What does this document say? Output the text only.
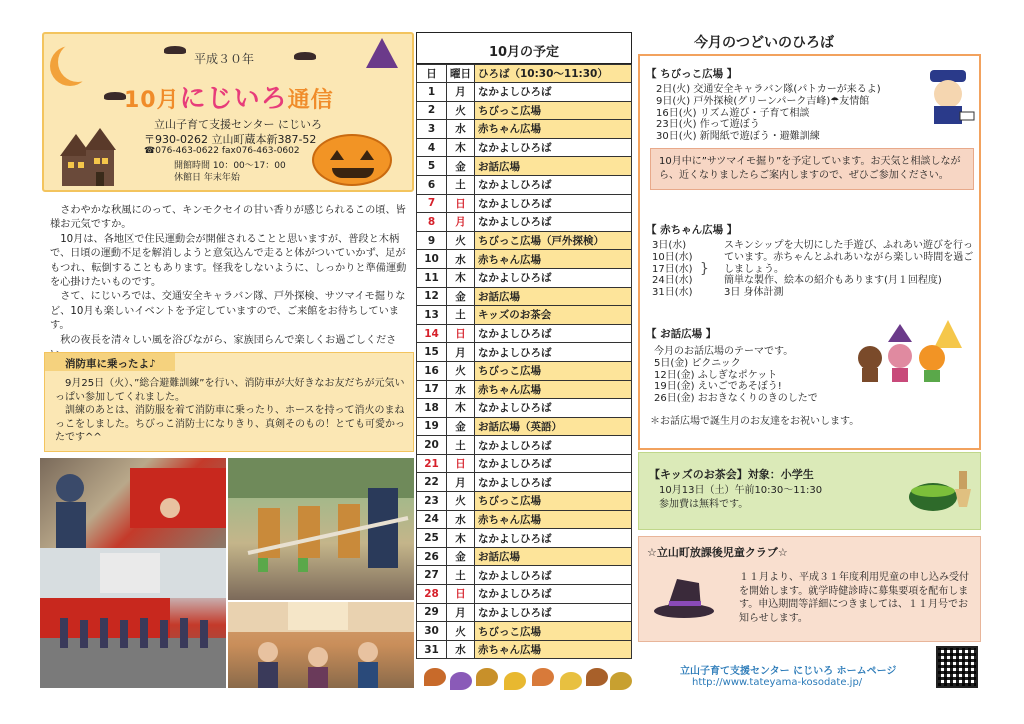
平成３０年
10月にじいろ通信
立山子育て支援センター にじいろ
〒930-0262 立山町蔵本新387-52
☎076-463-0622 fax076-463-0602
開館時間 10：00～17：00
休館日 年末年始

さわやかな秋風にのって、キンモクセイの甘い香りが感じられるこの頃、皆様お元気ですか。

10月は、各地区で住民運動会が開催されることと思いますが、普段と木柄で、日頃の運動不足を解消しようと意気込んで走ると体がついていかず、足がもつれ、転倒することもあります。怪我をしないように、しっかりと準備運動を心掛けたいものです。

さて、にじいろでは、交通安全キャラバン隊、戸外探検、サツマイモ掘りなど、10月も楽しいイベントを予定していますので、ご来館をお待ちしています。

秋の夜長を清々しい風を浴びながら、家族団らんで楽しくお過ごしくださ

消防車に乗ったよ♪

9月25日（火）、”総合避難訓練”を行い、消防車が大好きなお友だちが元気いっぱい参加してくれました。

訓練のあとは、消防服を着て消防車に乗ったり、ホースを持って消火のまねっこをしました。ちびっこ消防士になりきり、真剣そのもの！とても可愛かったです^^

10月の予定
日	曜日	ひろば（10:30～11:30）
1	月	なかよしひろば
2	火	ちびっこ広場
3	水	赤ちゃん広場
4	木	なかよしひろば
5	金	お話広場
6	土	なかよしひろば
7	日	なかよしひろば
8	月	なかよしひろば
9	火	ちびっこ広場（戸外探検）
10	水	赤ちゃん広場
11	木	なかよしひろば
12	金	お話広場
13	土	キッズのお茶会
14	日	なかよしひろば
15	月	なかよしひろば
16	火	ちびっこ広場
17	水	赤ちゃん広場
18	木	なかよしひろば
19	金	お話広場（英語）
20	土	なかよしひろば
21	日	なかよしひろば
22	月	なかよしひろば
23	火	ちびっこ広場
24	水	赤ちゃん広場
25	木	なかよしひろば
26	金	お話広場
27	土	なかよしひろば
28	日	なかよしひろば
29	月	なかよしひろば
30	火	ちびっこ広場
31	水	赤ちゃん広場
今月のつどいのひろば
【 ちびっこ広場 】
2日(火) 交通安全キャラバン隊(パトカーが来るよ)
9日(火) 戸外探検(グリーンパーク吉峰)☂友情館
16日(火) リズム遊び・子育て相談
23日(火) 作って遊ぼう
30日(火) 新聞紙で遊ぼう・避難訓練
10月中に”サツマイモ掘り”を予定しています。お天気と相談しながら、近くなりましたらご案内しますので、ぜひご参加ください。
【 赤ちゃん広場 】
3日(水)
10日(水)
17日(水)
24日(水)
31日(水)
}
スキンシップを大切にした手遊び、ふれあい遊びを行っています。赤ちゃんとふれあいながら楽しい時間を過ごしましょう。
簡単な製作、絵本の紹介もあります(月１回程度)
3日 身体計測
【 お話広場 】
今月のお話広場のテーマです。
5日(金) ピクニック
12日(金) ふしぎなポケット
19日(金) えいごであそぼう!
26日(金) おおきなくりのきのしたで
＊お話広場で誕生月のお友達をお祝いします。
【キッズのお茶会】対象：小学生
10月13日（土）午前10:30～11:30
参加費は無料です。
☆立山町放課後児童クラブ☆
１１月より、平成３１年度利用児童の申し込み受付を開始します。就学時健診時に募集要項を配布します。申込期間等詳細につきましては、１１月号でお知らせします。
立山子育て支援センター にじいろ ホームページ
http://www.tateyama-kosodate.jp/
